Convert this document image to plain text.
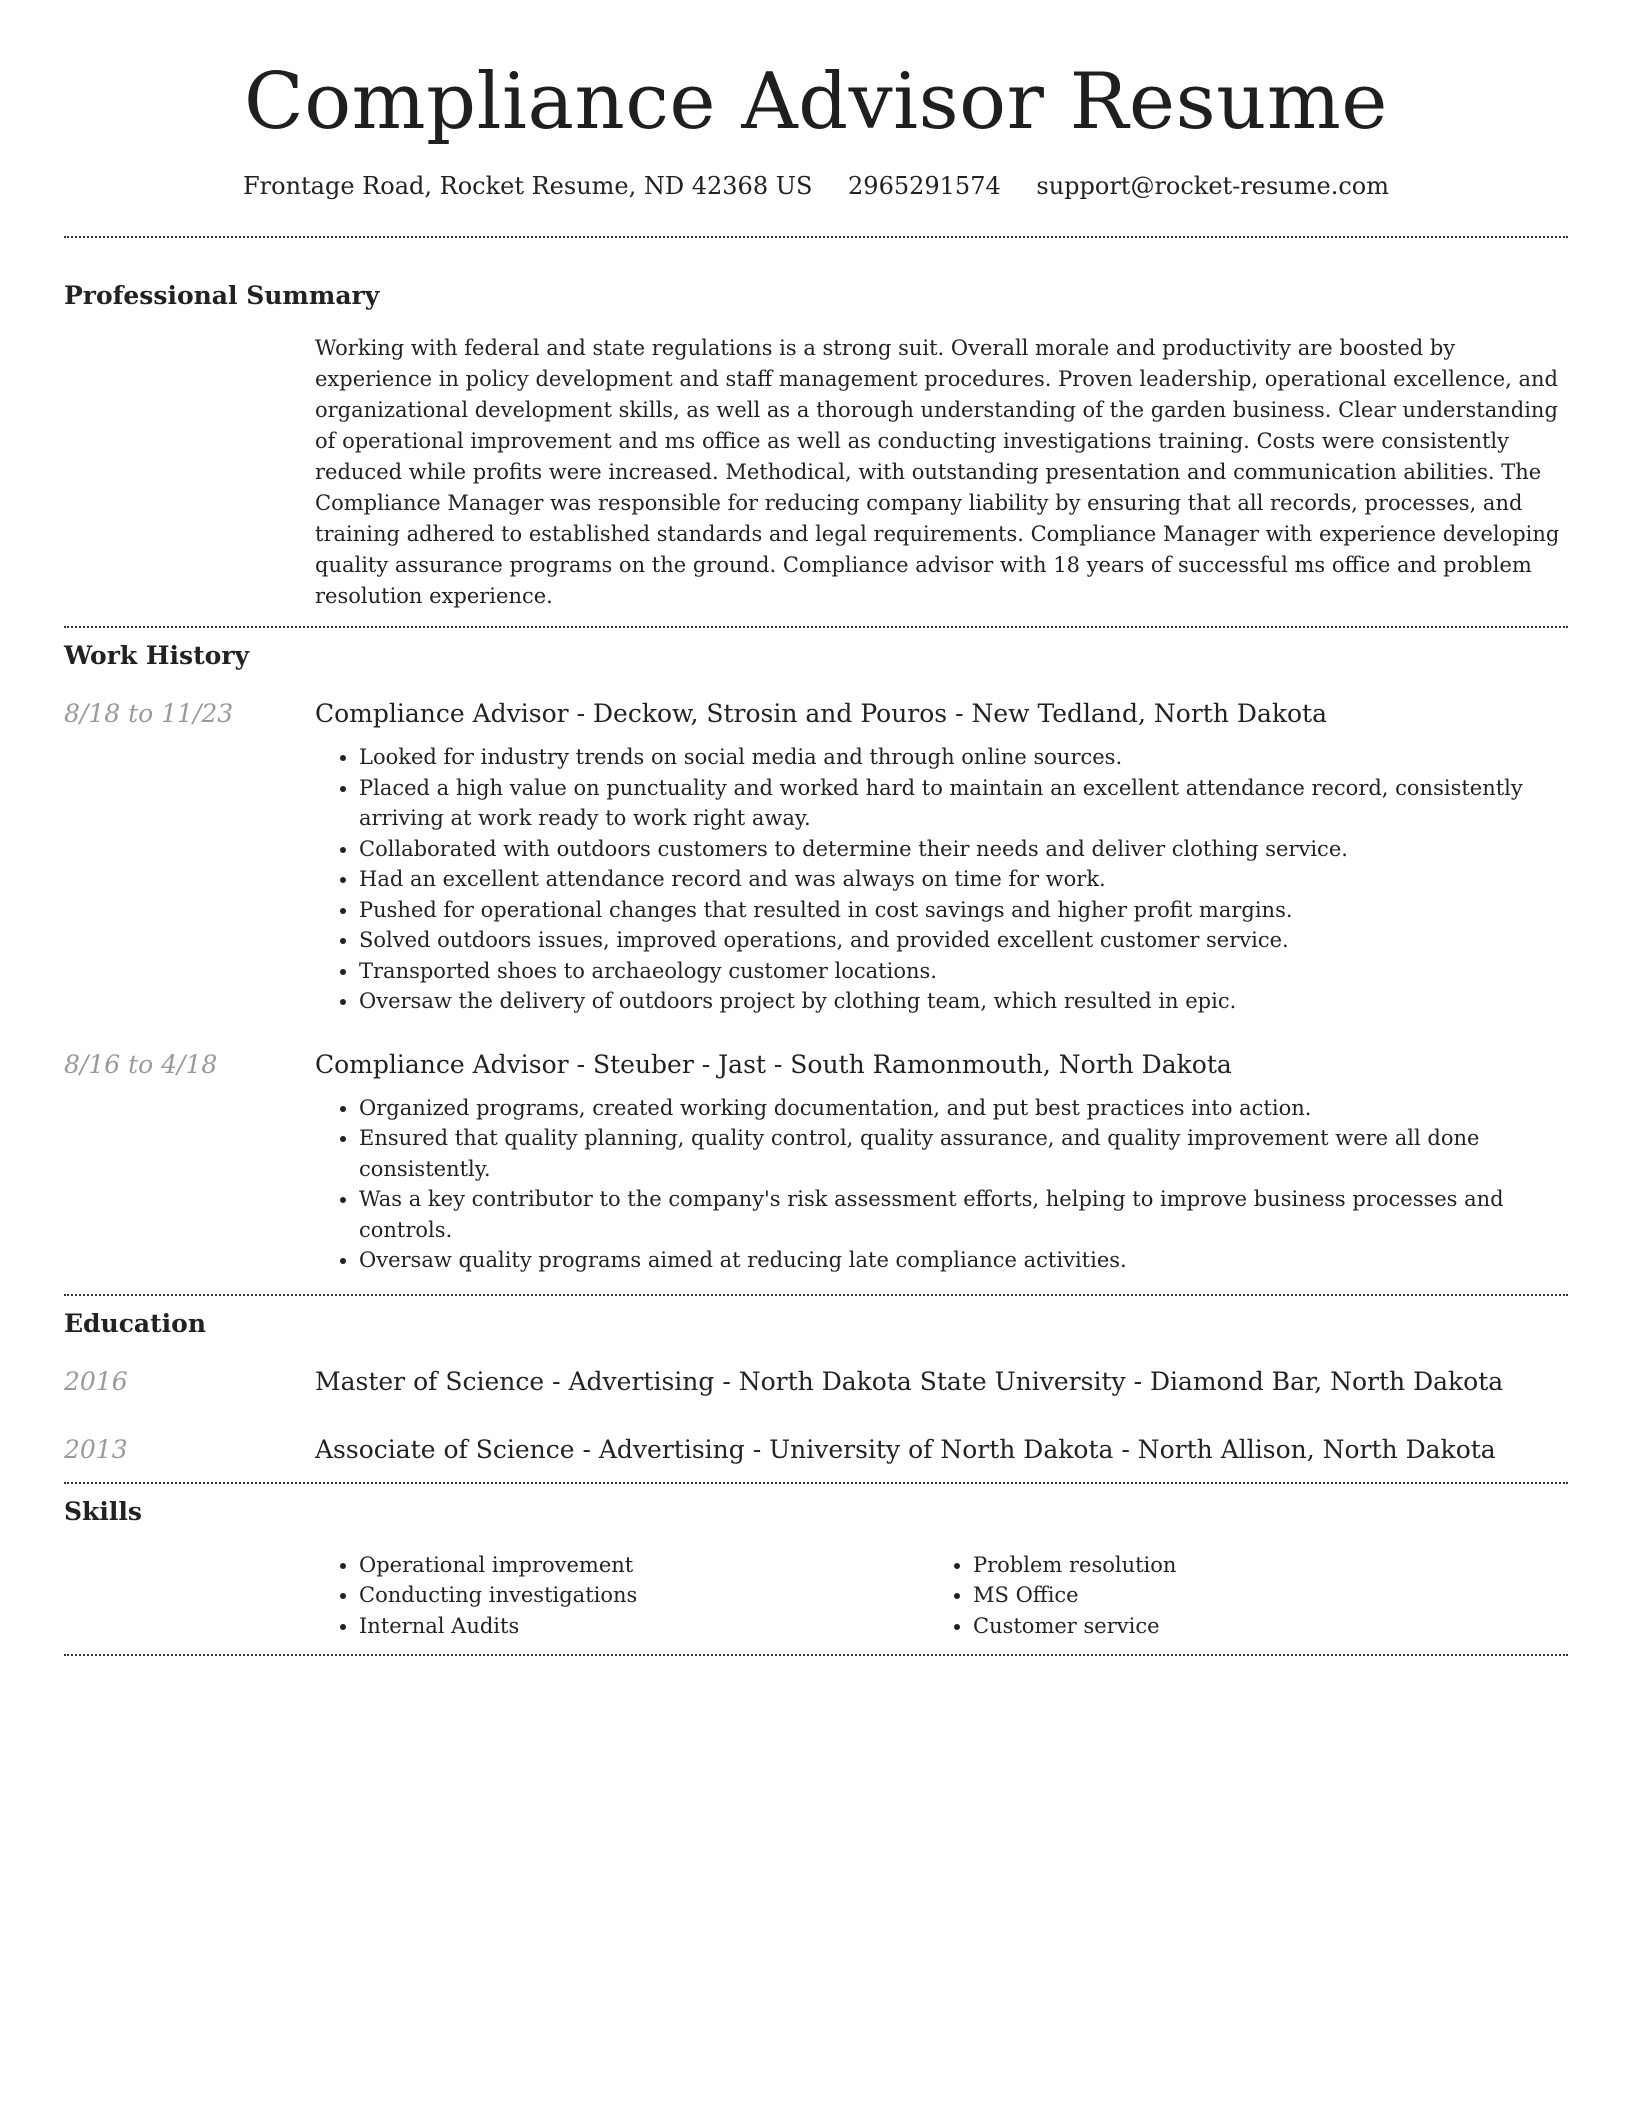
Compliance Advisor Resume
Frontage Road, Rocket Resume, ND 42368 US 2965291574 support@rocket-resume.com
Professional Summary

Working with federal and state regulations is a strong suit. Overall morale and productivity are boosted by experience in policy development and staff management procedures. Proven leadership, operational excellence, and organizational development skills, as well as a thorough understanding of the garden business. Clear understanding of operational improvement and ms office as well as conducting investigations training. Costs were consistently reduced while profits were increased. Methodical, with outstanding presentation and communication abilities. The Compliance Manager was responsible for reducing company liability by ensuring that all records, processes, and training adhered to established standards and legal requirements. Compliance Manager with experience developing quality assurance programs on the ground. Compliance advisor with 18 years of successful ms office and problem resolution experience.

Work History
8/18 to 11/23	Compliance Advisor - Deckow, Strosin and Pouros - New Tedland, North Dakota
• Looked for industry trends on social media and through online sources.
• Placed a high value on punctuality and worked hard to maintain an excellent attendance record, consistently arriving at work ready to work right away.
• Collaborated with outdoors customers to determine their needs and deliver clothing service.
• Had an excellent attendance record and was always on time for work.
• Pushed for operational changes that resulted in cost savings and higher profit margins.
• Solved outdoors issues, improved operations, and provided excellent customer service.
• Transported shoes to archaeology customer locations.
• Oversaw the delivery of outdoors project by clothing team, which resulted in epic.
8/16 to 4/18	Compliance Advisor - Steuber - Jast - South Ramonmouth, North Dakota
• Organized programs, created working documentation, and put best practices into action.
• Ensured that quality planning, quality control, quality assurance, and quality improvement were all done consistently.
• Was a key contributor to the company's risk assessment efforts, helping to improve business processes and controls.
• Oversaw quality programs aimed at reducing late compliance activities.
Education
2016	Master of Science - Advertising - North Dakota State University - Diamond Bar, North Dakota
2013	Associate of Science - Advertising - University of North Dakota - North Allison, North Dakota
Skills
• Operational improvement
• Conducting investigations
• Internal Audits
• Problem resolution
• MS Office
• Customer service
